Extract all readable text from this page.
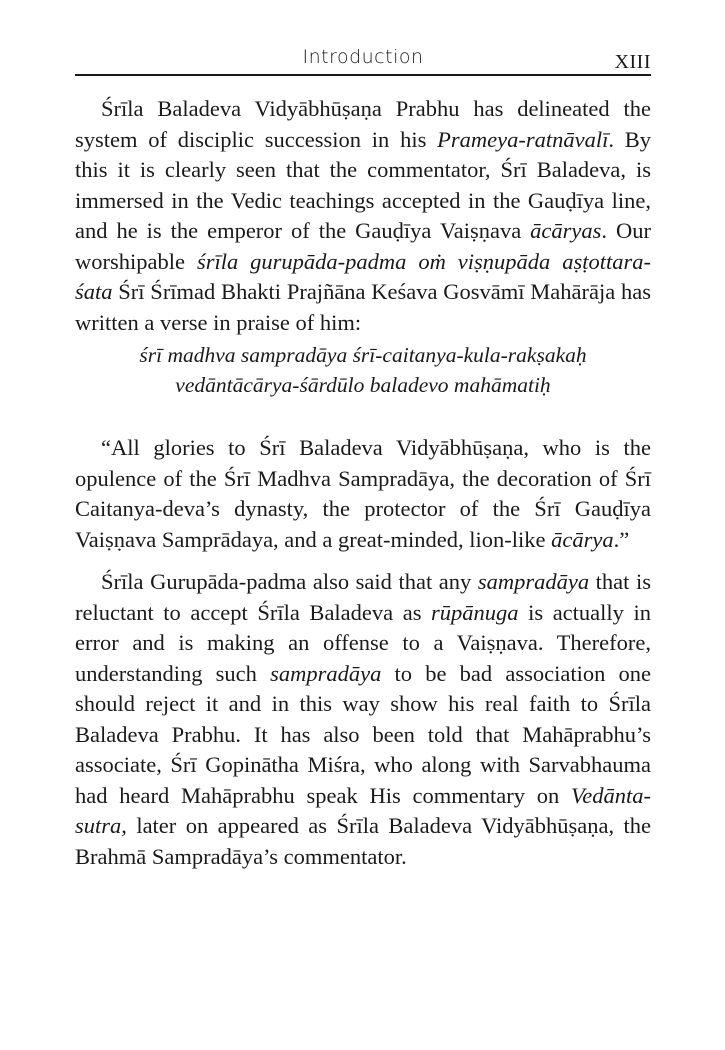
Introduction	XIII

Śrīla Baladeva Vidyābhūṣaṇa Prabhu has delineated the system of disciplic succession in his Prameya-ratnāvalī. By this it is clearly seen that the commentator, Śrī Baladeva, is immersed in the Vedic teachings accepted in the Gauḍīya line, and he is the emperor of the Gauḍīya Vaiṣṇava ācāryas. Our worshipable śrīla gurupāda-padma oṁ viṣṇupāda aṣṭottara-śata Śrī Śrīmad Bhakti Prajñāna Keśava Gosvāmī Mahārāja has written a verse in praise of him:

śrī madhva sampradāya śrī-caitanya-kula-rakṣakaḥ
vedāntācārya-śārdūlo baladevo mahāmatiḥ

“All glories to Śrī Baladeva Vidyābhūṣaṇa, who is the opulence of the Śrī Madhva Sampradāya, the decoration of Śrī Caitanya-deva’s dynasty, the protector of the Śrī Gauḍīya Vaiṣṇava Samprādaya, and a great-minded, lion-like ācārya.”

Śrīla Gurupāda-padma also said that any sampradāya that is reluctant to accept Śrīla Baladeva as rūpānuga is actually in error and is making an offense to a Vaiṣṇava. Therefore, understanding such sampradāya to be bad association one should reject it and in this way show his real faith to Śrīla Baladeva Prabhu. It has also been told that Mahāprabhu’s associate, Śrī Gopinātha Miśra, who along with Sarvabhauma had heard Mahāprabhu speak His commentary on Vedānta-sutra, later on appeared as Śrīla Baladeva Vidyābhūṣaṇa, the Brahmā Sampradāya’s commentator.
